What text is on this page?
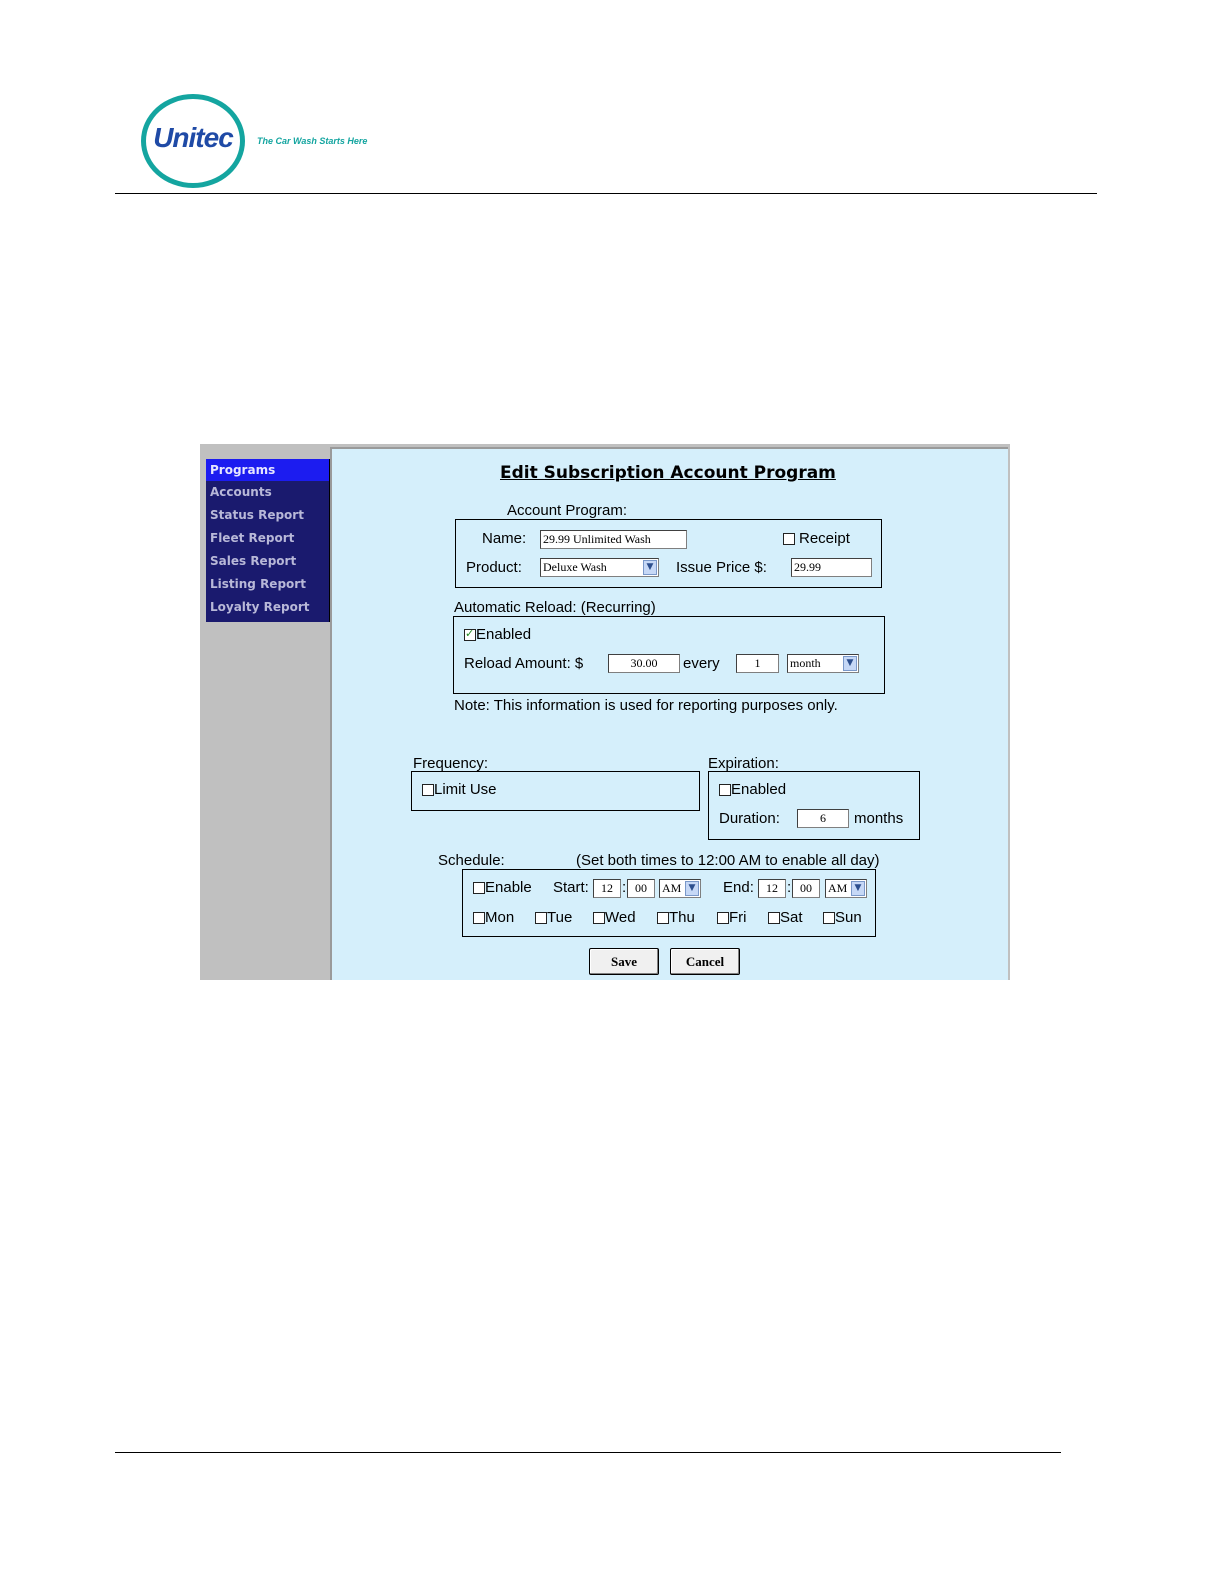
Unitec	The Car Wash Starts Here
Programs
Accounts
Status Report
Fleet Report
Sales Report
Listing Report
Loyalty Report
Edit Subscription Account Program
Account Program:
Name: 29.99 Unlimited Wash	Receipt
Product: Deluxe Wash	▼ Issue Price $: 29.99
Automatic Reload: (Recurring)
✓
Enabled
Reload Amount: $	30.00	every	1	month	▼
Note: This information is used for reporting purposes only.
Frequency:
Limit Use
Expiration:
Enabled
Duration:	6	months
Schedule:	(Set both times to 12:00 AM to enable all day)
Enable Start:	12 : 00	AM ▼ End:	12 : 00	AM ▼
Mon Tue Wed Thu Fri Sat Sun
Save	Cancel
